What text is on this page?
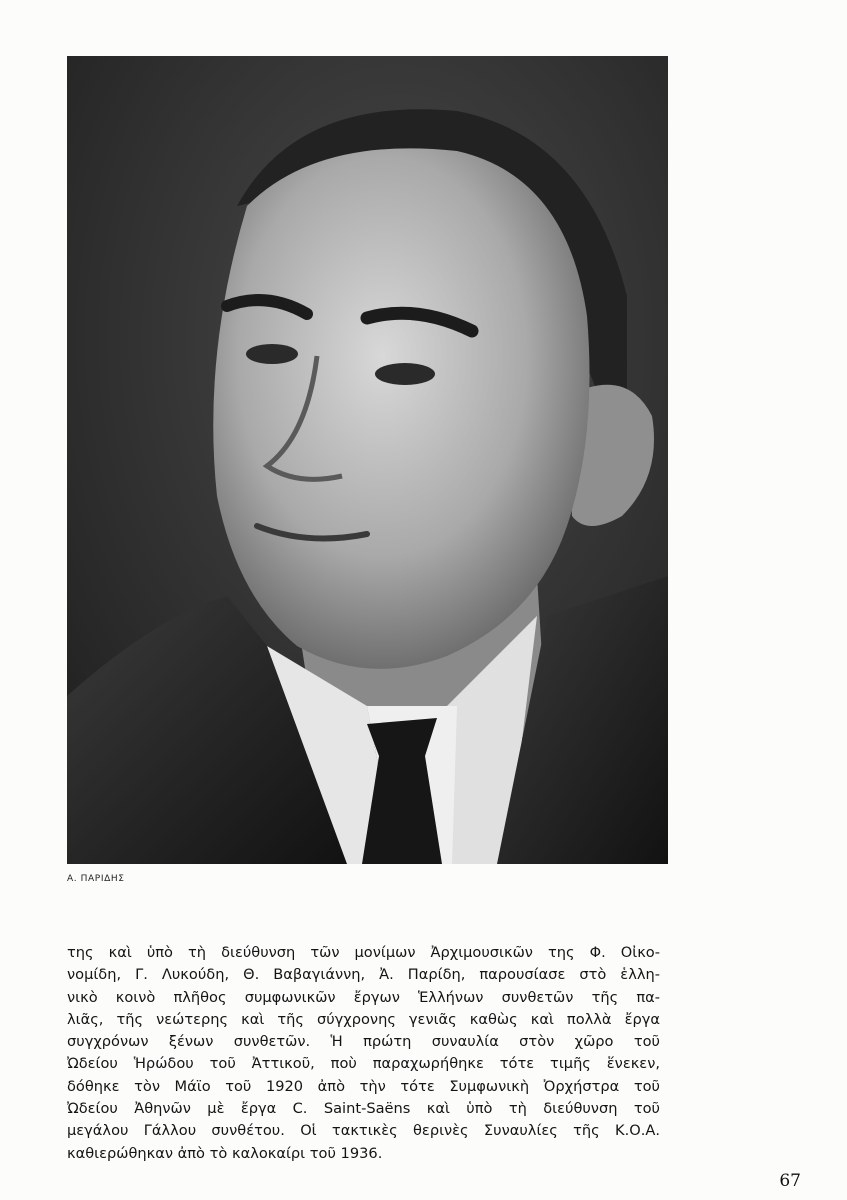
Α. ΠΑΡΙΔΗΣ

της καὶ ὑπὸ τὴ διεύθυνση τῶν μονίμων Ἀρχιμουσικῶν της Φ. Οἰκο-
νομίδη, Γ. Λυκούδη, Θ. Βαβαγιάννη, Ἀ. Παρίδη, παρουσίασε στὸ ἑλλη-
νικὸ κοινὸ πλῆθος συμφωνικῶν ἔργων Ἑλλήνων συνθετῶν τῆς πα-
λιᾶς, τῆς νεώτερης καὶ τῆς σύγχρονης γενιᾶς καθὼς καὶ πολλὰ ἔργα
συγχρόνων ξένων συνθετῶν. Ἡ πρώτη συναυλία στὸν χῶρο τοῦ
Ὠδείου Ἡρώδου τοῦ Ἀττικοῦ, ποὺ παραχωρήθηκε τότε τιμῆς ἕνεκεν,
δόθηκε τὸν Μάϊο τοῦ 1920 ἀπὸ τὴν τότε Συμφωνικὴ Ὀρχήστρα τοῦ
Ὠδείου Ἀθηνῶν μὲ ἔργα C. Saint-Saëns καὶ ὑπὸ τὴ διεύθυνση τοῦ
μεγάλου Γάλλου συνθέτου. Οἱ τακτικὲς θερινὲς Συναυλίες τῆς Κ.Ο.Α.
καθιερώθηκαν ἀπὸ τὸ καλοκαίρι τοῦ 1936.

67
